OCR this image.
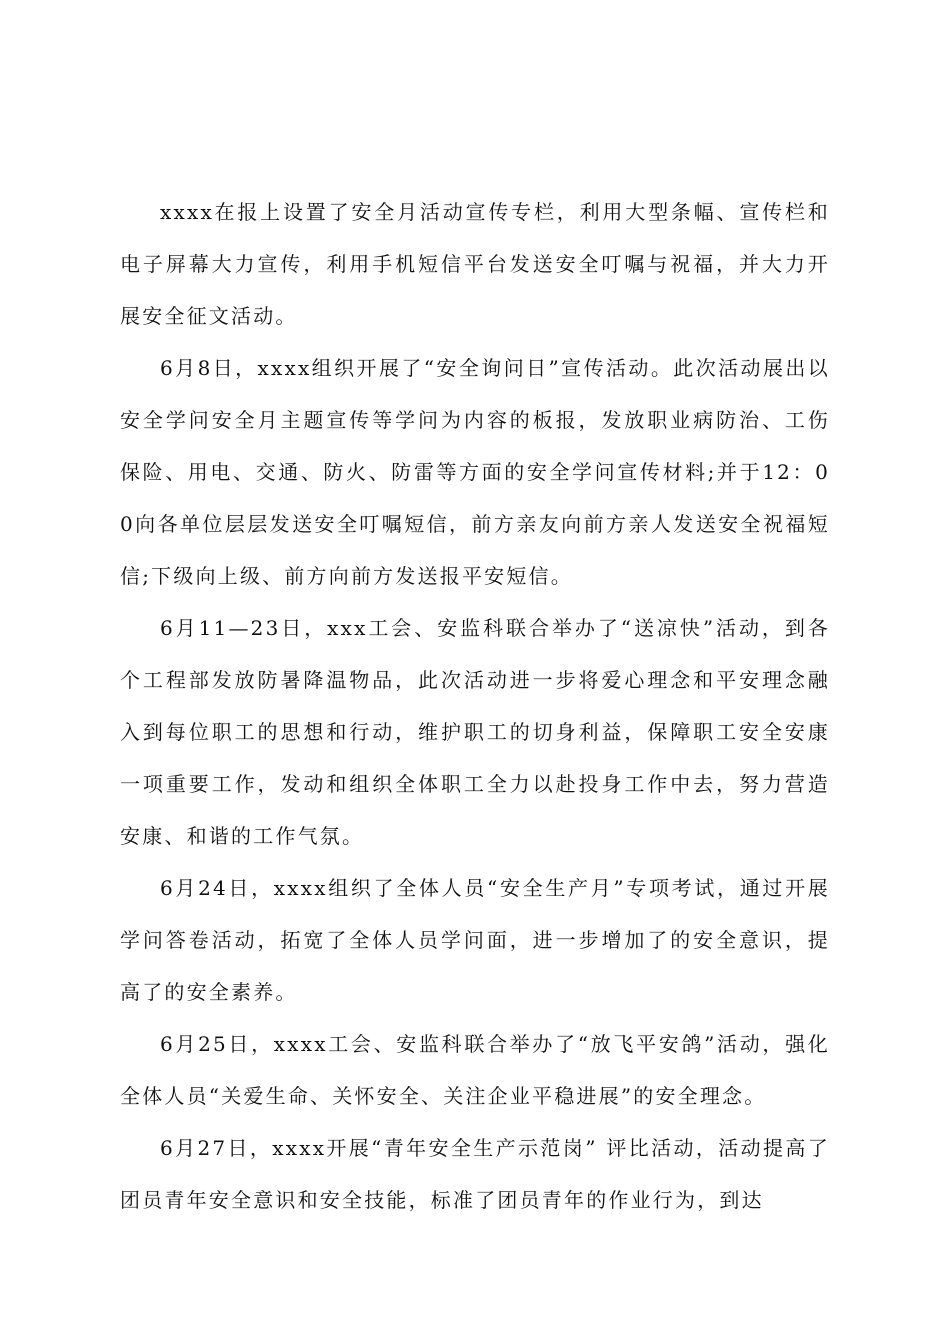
xxxx在报上设置了安全月活动宣传专栏，利用大型条幅、宣传栏和电子屏幕大力宣传，利用手机短信平台发送安全叮嘱与祝福，并大力开展安全征文活动。

6月8日，xxxx组织开展了“安全询问日”宣传活动。此次活动展出以安全学问安全月主题宣传等学问为内容的板报，发放职业病防治、工伤保险、用电、交通、防火、防雷等方面的安全学问宣传材料;并于12：00向各单位层层发送安全叮嘱短信，前方亲友向前方亲人发送安全祝福短信;下级向上级、前方向前方发送报平安短信。

6月11—23日，xxx工会、安监科联合举办了“送凉快”活动，到各个工程部发放防暑降温物品，此次活动进一步将爱心理念和平安理念融入到每位职工的思想和行动，维护职工的切身利益，保障职工安全安康一项重要工作，发动和组织全体职工全力以赴投身工作中去，努力营造安康、和谐的工作气氛。

6月24日，xxxx组织了全体人员“安全生产月”专项考试，通过开展学问答卷活动，拓宽了全体人员学问面，进一步增加了的安全意识，提高了的安全素养。

6月25日，xxxx工会、安监科联合举办了“放飞平安鸽”活动，强化全体人员“关爱生命、关怀安全、关注企业平稳进展”的安全理念。

6月27日，xxxx开展“青年安全生产示范岗” 评比活动，活动提高了团员青年安全意识和安全技能，标准了团员青年的作业行为，到达
